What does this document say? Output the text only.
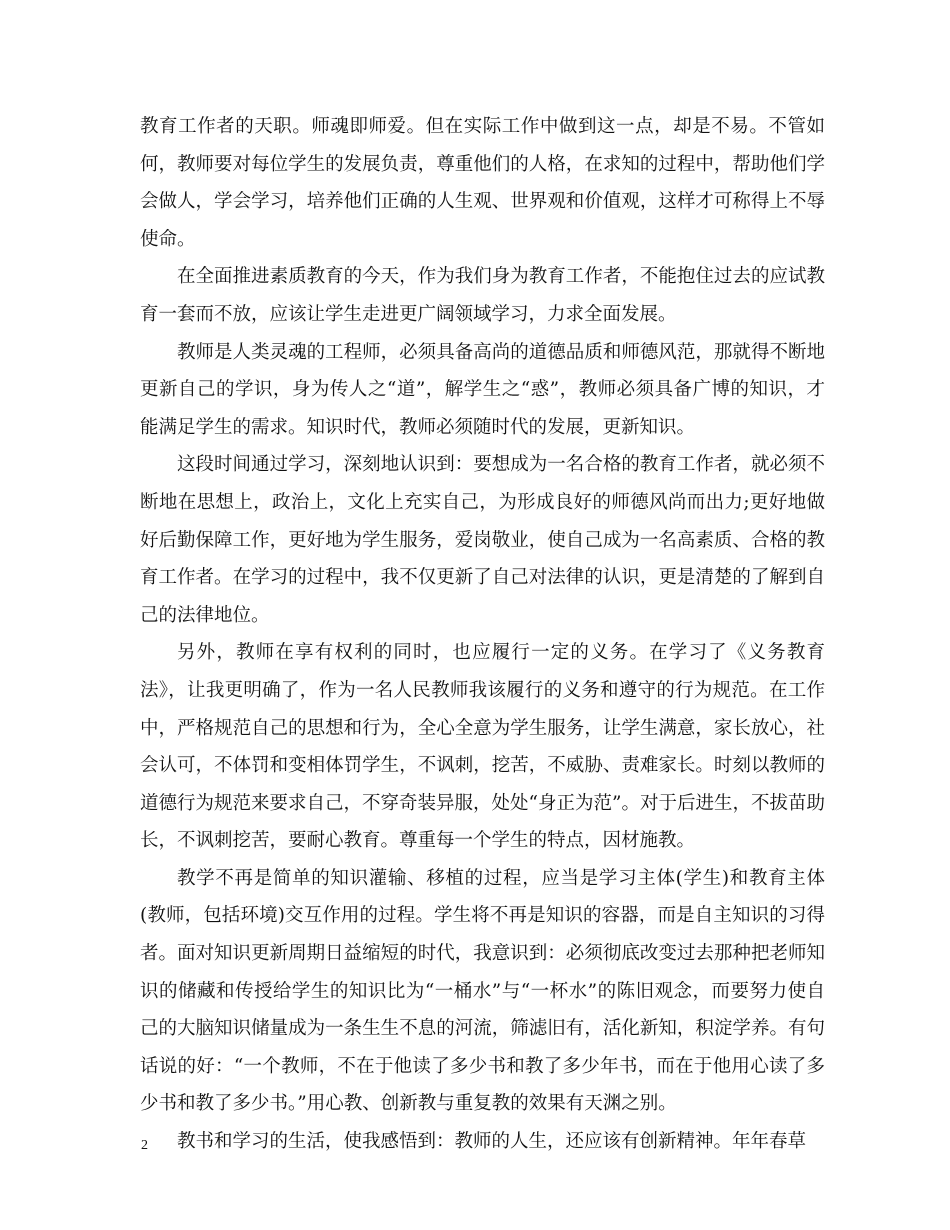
教育工作者的天职。师魂即师爱。但在实际工作中做到这一点，却是不易。不管如何，教师要对每位学生的发展负责，尊重他们的人格，在求知的过程中，帮助他们学会做人，学会学习，培养他们正确的人生观、世界观和价值观，这样才可称得上不辱使命。

在全面推进素质教育的今天，作为我们身为教育工作者，不能抱住过去的应试教育一套而不放，应该让学生走进更广阔领域学习，力求全面发展。

教师是人类灵魂的工程师，必须具备高尚的道德品质和师德风范，那就得不断地更新自己的学识，身为传人之“道”，解学生之“惑”，教师必须具备广博的知识，才能满足学生的需求。知识时代，教师必须随时代的发展，更新知识。

这段时间通过学习，深刻地认识到：要想成为一名合格的教育工作者，就必须不断地在思想上，政治上，文化上充实自己，为形成良好的师德风尚而出力;更好地做好后勤保障工作，更好地为学生服务，爱岗敬业，使自己成为一名高素质、合格的教育工作者。在学习的过程中，我不仅更新了自己对法律的认识，更是清楚的了解到自己的法律地位。

另外，教师在享有权利的同时，也应履行一定的义务。在学习了《义务教育法》，让我更明确了，作为一名人民教师我该履行的义务和遵守的行为规范。在工作中，严格规范自己的思想和行为，全心全意为学生服务，让学生满意，家长放心，社会认可，不体罚和变相体罚学生，不讽刺，挖苦，不威胁、责难家长。时刻以教师的道德行为规范来要求自己，不穿奇装异服，处处“身正为范”。对于后进生，不拔苗助长，不讽刺挖苦，要耐心教育。尊重每一个学生的特点，因材施教。

教学不再是简单的知识灌输、移植的过程，应当是学习主体(学生)和教育主体(教师，包括环境)交互作用的过程。学生将不再是知识的容器，而是自主知识的习得者。面对知识更新周期日益缩短的时代，我意识到：必须彻底改变过去那种把老师知识的储藏和传授给学生的知识比为“一桶水”与“一杯水”的陈旧观念，而要努力使自己的大脑知识储量成为一条生生不息的河流，筛滤旧有，活化新知，积淀学养。有句话说的好：“一个教师，不在于他读了多少书和教了多少年书，而在于他用心读了多少书和教了多少书。”用心教、创新教与重复教的效果有天渊之别。

教书和学习的生活，使我感悟到：教师的人生，还应该有创新精神。年年春草

2
